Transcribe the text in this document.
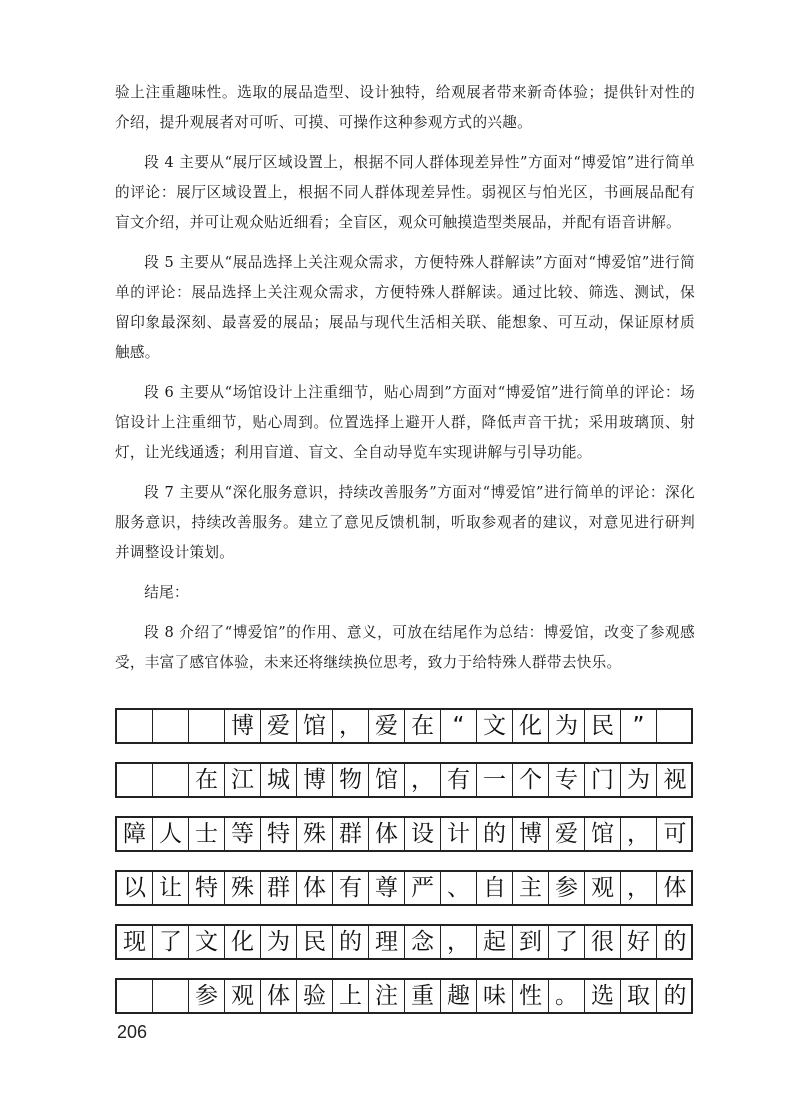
验上注重趣味性。选取的展品造型、设计独特，给观展者带来新奇体验；提供针对性的介绍，提升观展者对可听、可摸、可操作这种参观方式的兴趣。

段 4 主要从“展厅区域设置上，根据不同人群体现差异性”方面对“博爱馆”进行简单的评论：展厅区域设置上，根据不同人群体现差异性。弱视区与怕光区，书画展品配有盲文介绍，并可让观众贴近细看；全盲区，观众可触摸造型类展品，并配有语音讲解。

段 5 主要从“展品选择上关注观众需求，方便特殊人群解读”方面对“博爱馆”进行简单的评论：展品选择上关注观众需求，方便特殊人群解读。通过比较、筛选、测试，保留印象最深刻、最喜爱的展品；展品与现代生活相关联、能想象、可互动，保证原材质触感。

段 6 主要从“场馆设计上注重细节，贴心周到”方面对“博爱馆”进行简单的评论：场馆设计上注重细节，贴心周到。位置选择上避开人群，降低声音干扰；采用玻璃顶、射灯，让光线通透；利用盲道、盲文、全自动导览车实现讲解与引导功能。

段 7 主要从“深化服务意识，持续改善服务”方面对“博爱馆”进行简单的评论：深化服务意识，持续改善服务。建立了意见反馈机制，听取参观者的建议，对意见进行研判并调整设计策划。

结尾：

段 8 介绍了“博爱馆”的作用、意义，可放在结尾作为总结：博爱馆，改变了参观感受，丰富了感官体验，未来还将继续换位思考，致力于给特殊人群带去快乐。

博 爱 馆 ， 爱 在 “ 文 化 为 民 ”
在 江 城 博 物 馆 ， 有 一 个 专 门 为 视
障 人 士 等 特 殊 群 体 设 计 的 博 爱 馆 ， 可
以 让 特 殊 群 体 有 尊 严 、 自 主 参 观 ， 体
现 了 文 化 为 民 的 理 念 ， 起 到 了 很 好 的
参 观 体 验 上 注 重 趣 味 性 。 选 取 的
206
